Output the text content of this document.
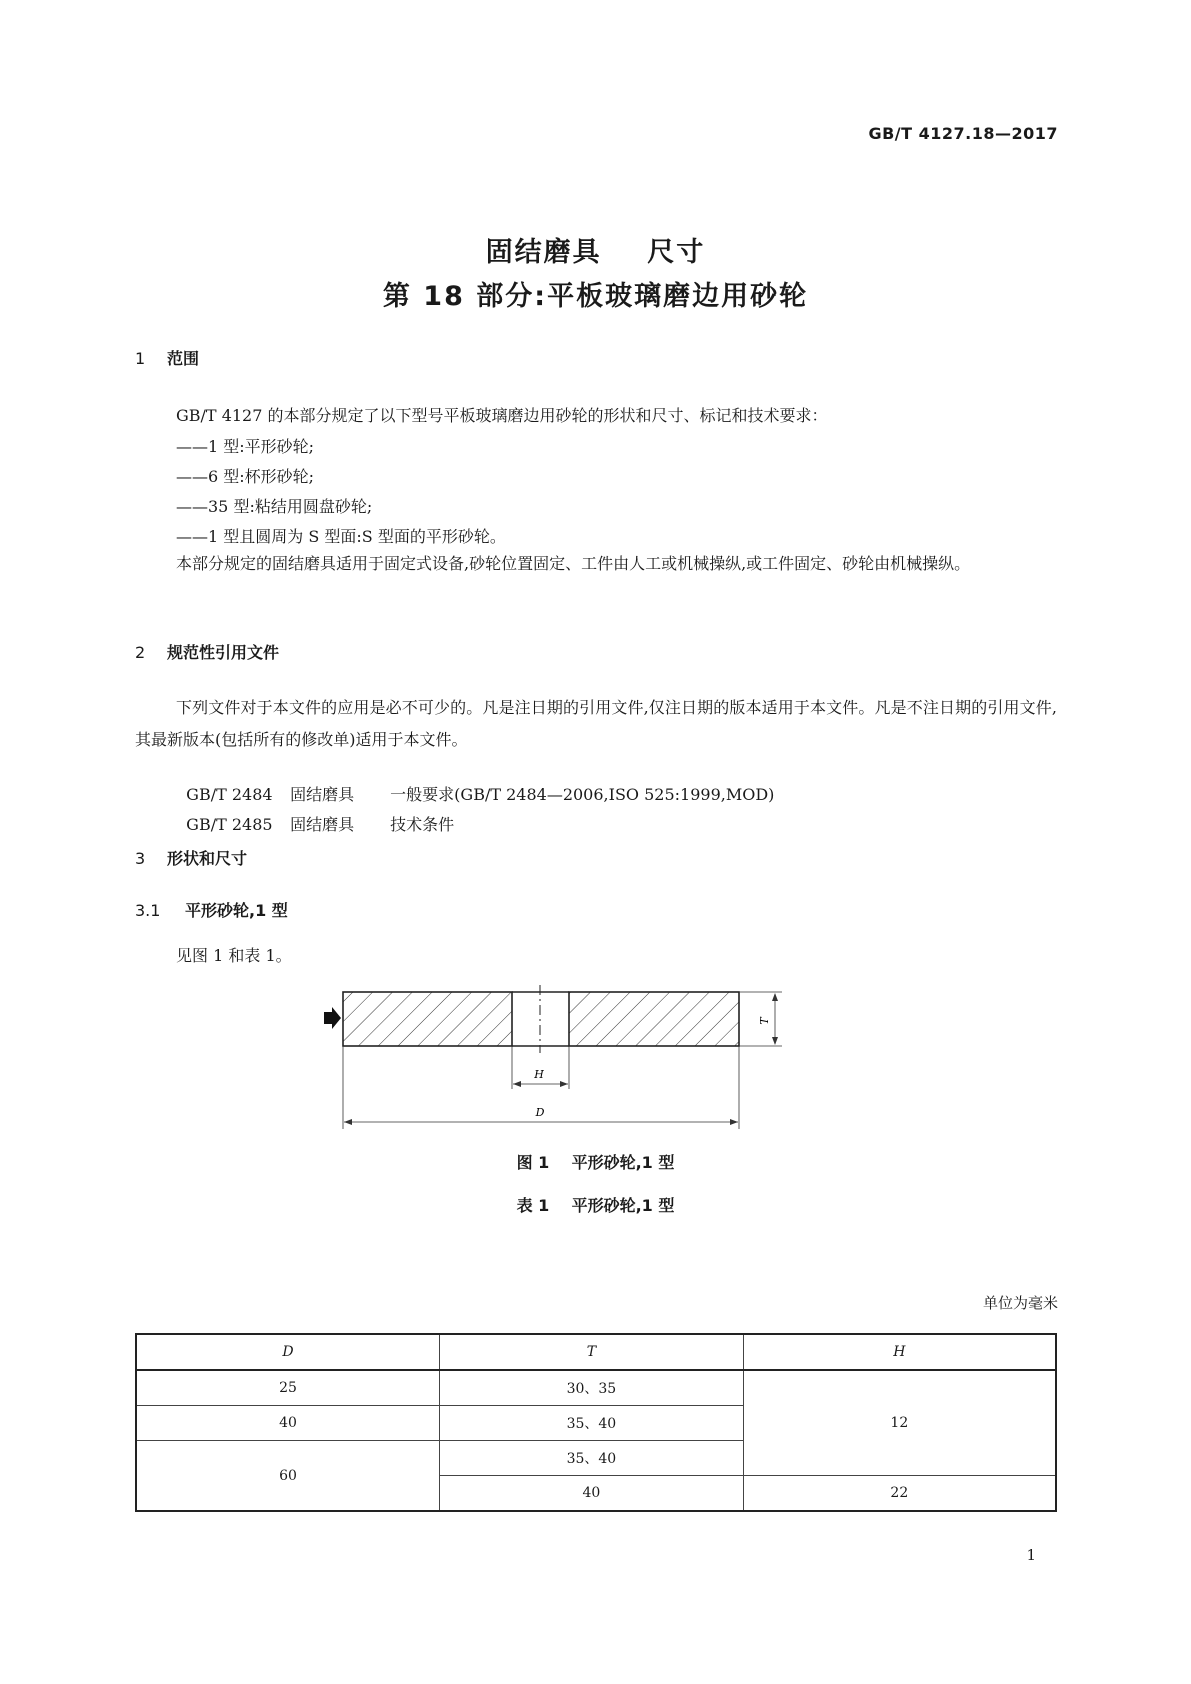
GB/T 4127.18—2017
固结磨具    尺寸
第 18 部分:平板玻璃磨边用砂轮
1 范围
GB/T 4127 的本部分规定了以下型号平板玻璃磨边用砂轮的形状和尺寸、标记和技术要求：
——1 型:平形砂轮;
——6 型:杯形砂轮;
——35 型:粘结用圆盘砂轮;
——1 型且圆周为 S 型面:S 型面的平形砂轮。
本部分规定的固结磨具适用于固定式设备,砂轮位置固定、工件由人工或机械操纵,或工件固定、砂轮由机械操纵。
2 规范性引用文件
下列文件对于本文件的应用是必不可少的。凡是注日期的引用文件,仅注日期的版本适用于本文件。凡是不注日期的引用文件,其最新版本(包括所有的修改单)适用于本文件。

GB/T 2484 固结磨具 一般要求(GB/T 2484—2006,ISO 525:1999,MOD)

GB/T 2485 固结磨具 技术条件

3 形状和尺寸
3.1 平形砂轮,1 型
见图 1 和表 1。
T
H
D
图 1    平形砂轮,1 型
表 1    平形砂轮,1 型
单位为毫米
D	T	H
25	30、35	12
40	35、40	
60	35、40	
	40	22
1
